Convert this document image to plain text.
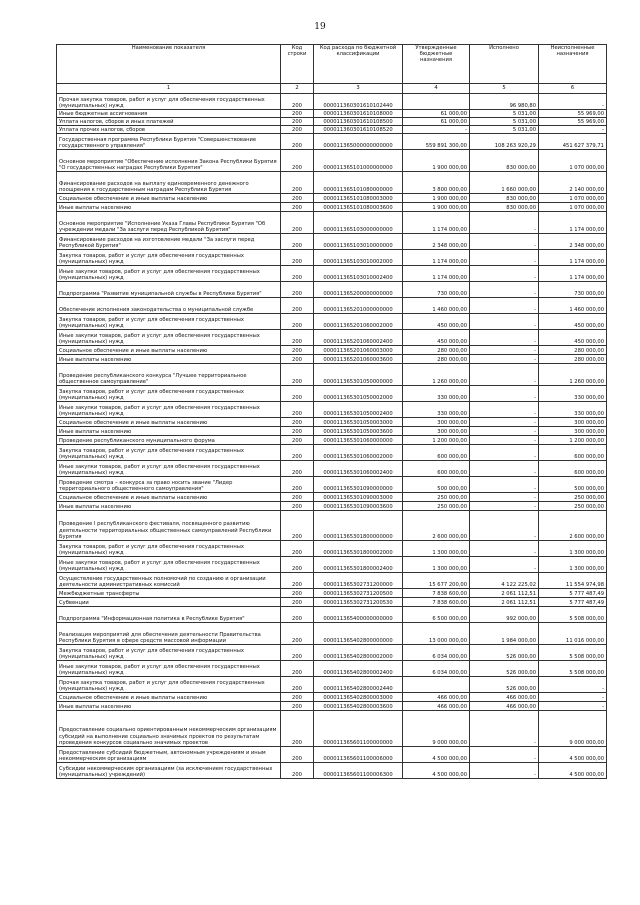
19
Наименование показателя	Код строки	Код расхода по бюджетной классификации	Утвержденные бюджетные назначения	Исполнено	Неисполненные назначения
1	2	3	4	5	6
Прочая закупка товаров, работ и услуг для обеспечения государственных (муниципальных) нужд	200	000011360301610102440		96 980,80	-
Иные бюджетные ассигнования	200	000011360301610108000	61 000,00	5 031,00	55 969,00
Уплата налогов, сборов и иных платежей	200	000011360301610108500	61 000,00	5 031,00	55 969,00
Уплата прочих налогов, сборов	200	000011360301610108520	-	5 031,00	-
Государственная программа Республики Бурятия "Совершенствование государственного управления"	200	000011365000000000000	559 891 300,00	108 263 920,29	451 627 379,71
Основное мероприятие "Обеспечение исполнения Закона Республики Бурятия "О государственных наградах Республики Бурятия"	200	000011365101000000000	1 900 000,00	830 000,00	1 070 000,00
Финансирование расходов на выплату единовременного денежного поощрения к государственным наградам Республики Бурятия	200	000011365101080000000	3 800 000,00	1 660 000,00	2 140 000,00
Социальное обеспечение и иные выплаты населению	200	000011365101080003000	1 900 000,00	830 000,00	1 070 000,00
Иные выплаты населению	200	000011365101080003600	1 900 000,00	830 000,00	1 070 000,00
Основное мероприятие "Исполнение Указа Главы Республики Бурятия "Об учреждении медали "За заслуги перед Республикой Бурятия"	200	000011365103000000000	1 174 000,00	-	1 174 000,00
Финансирование расходов на изготовление медали "За заслуги перед Республикой Бурятия"	200	000011365103010000000	2 348 000,00	-	2 348 000,00
Закупка товаров, работ и услуг для обеспечения государственных (муниципальных) нужд	200	000011365103010002000	1 174 000,00	-	1 174 000,00
Иные закупки товаров, работ и услуг для обеспечения государственных (муниципальных) нужд	200	000011365103010002400	1 174 000,00	-	1 174 000,00
Подпрограмма "Развитие муниципальной службы в Республике Бурятия"	200	000011365200000000000	730 000,00	-	730 000,00
Обеспечение исполнения законодательства о муниципальной службе	200	000011365201000000000	1 460 000,00	-	1 460 000,00
Закупка товаров, работ и услуг для обеспечения государственных (муниципальных) нужд	200	000011365201060002000	450 000,00	-	450 000,00
Иные закупки товаров, работ и услуг для обеспечения государственных (муниципальных) нужд	200	000011365201060002400	450 000,00	-	450 000,00
Социальное обеспечение и иные выплаты населению	200	000011365201060003000	280 000,00	-	280 000,00
Иные выплаты населению	200	000011365201060003600	280 000,00	-	280 000,00
Проведение республиканского конкурса "Лучшее территориальное общественное самоуправление"	200	000011365301050000000	1 260 000,00	-	1 260 000,00
Закупка товаров, работ и услуг для обеспечения государственных (муниципальных) нужд	200	000011365301050002000	330 000,00	-	330 000,00
Иные закупки товаров, работ и услуг для обеспечения государственных (муниципальных) нужд	200	000011365301050002400	330 000,00	-	330 000,00
Социальное обеспечение и иные выплаты населению	200	000011365301050003000	300 000,00	-	300 000,00
Иные выплаты населению	200	000011365301050003600	300 000,00	-	300 000,00
Проведение республиканского муниципального форума	200	000011365301060000000	1 200 000,00	-	1 200 000,00
Закупка товаров, работ и услуг для обеспечения государственных (муниципальных) нужд	200	000011365301060002000	600 000,00	-	600 000,00
Иные закупки товаров, работ и услуг для обеспечения государственных (муниципальных) нужд	200	000011365301060002400	600 000,00	-	600 000,00
Проведение смотра – конкурса за право носить звание "Лидер территориального общественного самоуправления"	200	000011365301090000000	500 000,00	-	500 000,00
Социальное обеспечение и иные выплаты населению	200	000011365301090003000	250 000,00	-	250 000,00
Иные выплаты населению	200	000011365301090003600	250 000,00	-	250 000,00
Проведение I республиканского фестиваля, посвященного развитию деятельности территориальных общественных самоуправлений Республики Бурятия	200	000011365301800000000	2 600 000,00	-	2 600 000,00
Закупка товаров, работ и услуг для обеспечения государственных (муниципальных) нужд	200	000011365301800002000	1 300 000,00	-	1 300 000,00
Иные закупки товаров, работ и услуг для обеспечения государственных (муниципальных) нужд	200	000011365301800002400	1 300 000,00	-	1 300 000,00
Осуществление государственных полномочий по созданию и организации деятельности административных комиссий	200	000011365302731200000	15 677 200,00	4 122 225,02	11 554 974,98
Межбюджетные трансферты	200	000011365302731200500	7 838 600,00	2 061 112,51	5 777 487,49
Субвенции	200	000011365302731200530	7 838 600,00	2 061 112,51	5 777 487,49
Подпрограмма "Информационная политика в Республике Бурятия"	200	000011365400000000000	6 500 000,00	992 000,00	5 508 000,00
Реализация мероприятий для обеспечения деятельности Правительства Республики Бурятия в сфере средств массовой информации	200	000011365402800000000	13 000 000,00	1 984 000,00	11 016 000,00
Закупка товаров, работ и услуг для обеспечения государственных (муниципальных) нужд	200	000011365402800002000	6 034 000,00	526 000,00	5 508 000,00
Иные закупки товаров, работ и услуг для обеспечения государственных (муниципальных) нужд	200	000011365402800002400	6 034 000,00	526 000,00	5 508 000,00
Прочая закупка товаров, работ и услуг для обеспечения государственных (муниципальных) нужд	200	000011365402800002440		526 000,00	-
Социальное обеспечение и иные выплаты населению	200	000011365402800003000	466 000,00	466 000,00	-
Иные выплаты населению	200	000011365402800003600	466 000,00	466 000,00	-
Предоставление социально ориентированным некоммерческим организациям субсидий на выполнение социально значимых проектов по результатам проведения конкурсов социально значимых проектов	200	000011365601100000000	9 000 000,00	-	9 000 000,00
Предоставление субсидий бюджетным, автономным учреждениям и иным некоммерческим организациям	200	000011365601100006000	4 500 000,00	-	4 500 000,00
Субсидии некоммерческим организациям (за исключением государственных (муниципальных) учреждений)	200	000011365601100006300	4 500 000,00	-	4 500 000,00
